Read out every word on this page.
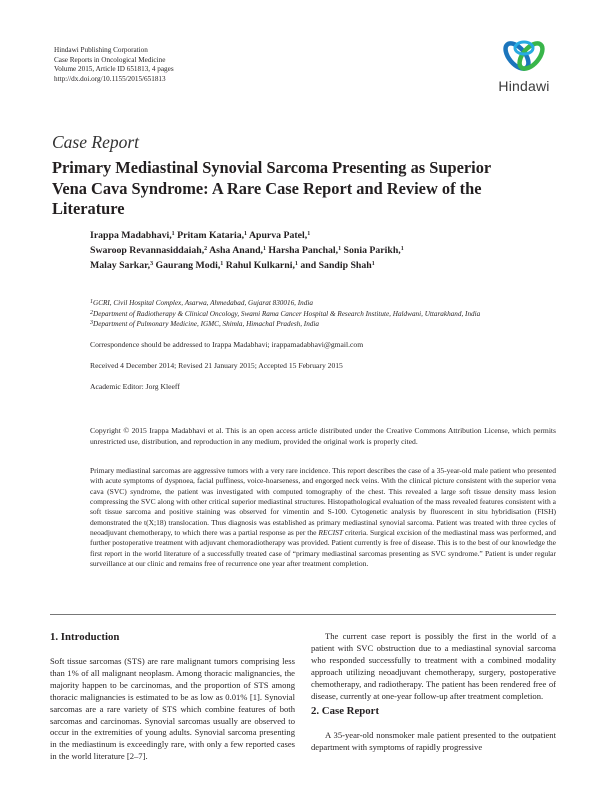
Hindawi Publishing Corporation
Case Reports in Oncological Medicine
Volume 2015, Article ID 651813, 4 pages
http://dx.doi.org/10.1155/2015/651813	Hindawi
Case Report
Primary Mediastinal Synovial Sarcoma Presenting as Superior Vena Cava Syndrome: A Rare Case Report and Review of the Literature
Irappa Madabhavi,$^1$ Pritam Kataria,$^1$ Apurva Patel,$^1$
Swaroop Revannasiddaiah,$^2$ Asha Anand,$^1$ Harsha Panchal,$^1$ Sonia Parikh,$^1$
Malay Sarkar,$^3$ Gaurang Modi,$^1$ Rahul Kulkarni,$^1$ and Sandip Shah$^1$
$^1$GCRI, Civil Hospital Complex, Asarwa, Ahmedabad, Gujarat 830016, India
$^2$Department of Radiotherapy & Clinical Oncology, Swami Rama Cancer Hospital & Research Institute, Haldwani, Uttarakhand, India
$^3$Department of Pulmonary Medicine, IGMC, Shimla, Himachal Pradesh, India
Correspondence should be addressed to Irappa Madabhavi; irappamadabhavi@gmail.com
Received 4 December 2014; Revised 21 January 2015; Accepted 15 February 2015
Academic Editor: Jorg Kleeff
Copyright © 2015 Irappa Madabhavi et al. This is an open access article distributed under the Creative Commons Attribution License, which permits unrestricted use, distribution, and reproduction in any medium, provided the original work is properly cited.
Primary mediastinal sarcomas are aggressive tumors with a very rare incidence. This report describes the case of a 35-year-old male patient who presented with acute symptoms of dyspnoea, facial puffiness, voice-hoarseness, and engorged neck veins. With the clinical picture consistent with the superior vena cava (SVC) syndrome, the patient was investigated with computed tomography of the chest. This revealed a large soft tissue density mass lesion compressing the SVC along with other critical superior mediastinal structures. Histopathological evaluation of the mass revealed features consistent with a soft tissue sarcoma and positive staining was observed for vimentin and S-100. Cytogenetic analysis by fluorescent in situ hybridisation (FISH) demonstrated the t(X;18) translocation. Thus diagnosis was established as primary mediastinal synovial sarcoma. Patient was treated with three cycles of neoadjuvant chemotherapy, to which there was a partial response as per the RECIST criteria. Surgical excision of the mediastinal mass was performed, and further postoperative treatment with adjuvant chemoradiotherapy was provided. Patient currently is free of disease. This is to the best of our knowledge the first report in the world literature of a successfully treated case of “primary mediastinal sarcomas presenting as SVC syndrome.” Patient is under regular surveillance at our clinic and remains free of recurrence one year after treatment completion.
1. Introduction
Soft tissue sarcomas (STS) are rare malignant tumors comprising less than 1% of all malignant neoplasm. Among thoracic malignancies, the majority happen to be carcinomas, and the proportion of STS among thoracic malignancies is estimated to be as low as 0.01% [1]. Synovial sarcomas are a rare variety of STS which combine features of both sarcomas and carcinomas. Synovial sarcomas usually are observed to occur in the extremities of young adults. Synovial sarcoma presenting in the mediastinum is exceedingly rare, with only a few reported cases in the world literature [2–7].
The current case report is possibly the first in the world of a patient with SVC obstruction due to a mediastinal synovial sarcoma who responded successfully to treatment with a combined modality approach utilizing neoadjuvant chemotherapy, surgery, postoperative chemotherapy, and radiotherapy. The patient has been rendered free of disease, currently at one-year follow-up after treatment completion.
2. Case Report
A 35-year-old nonsmoker male patient presented to the outpatient department with symptoms of rapidly progressive
